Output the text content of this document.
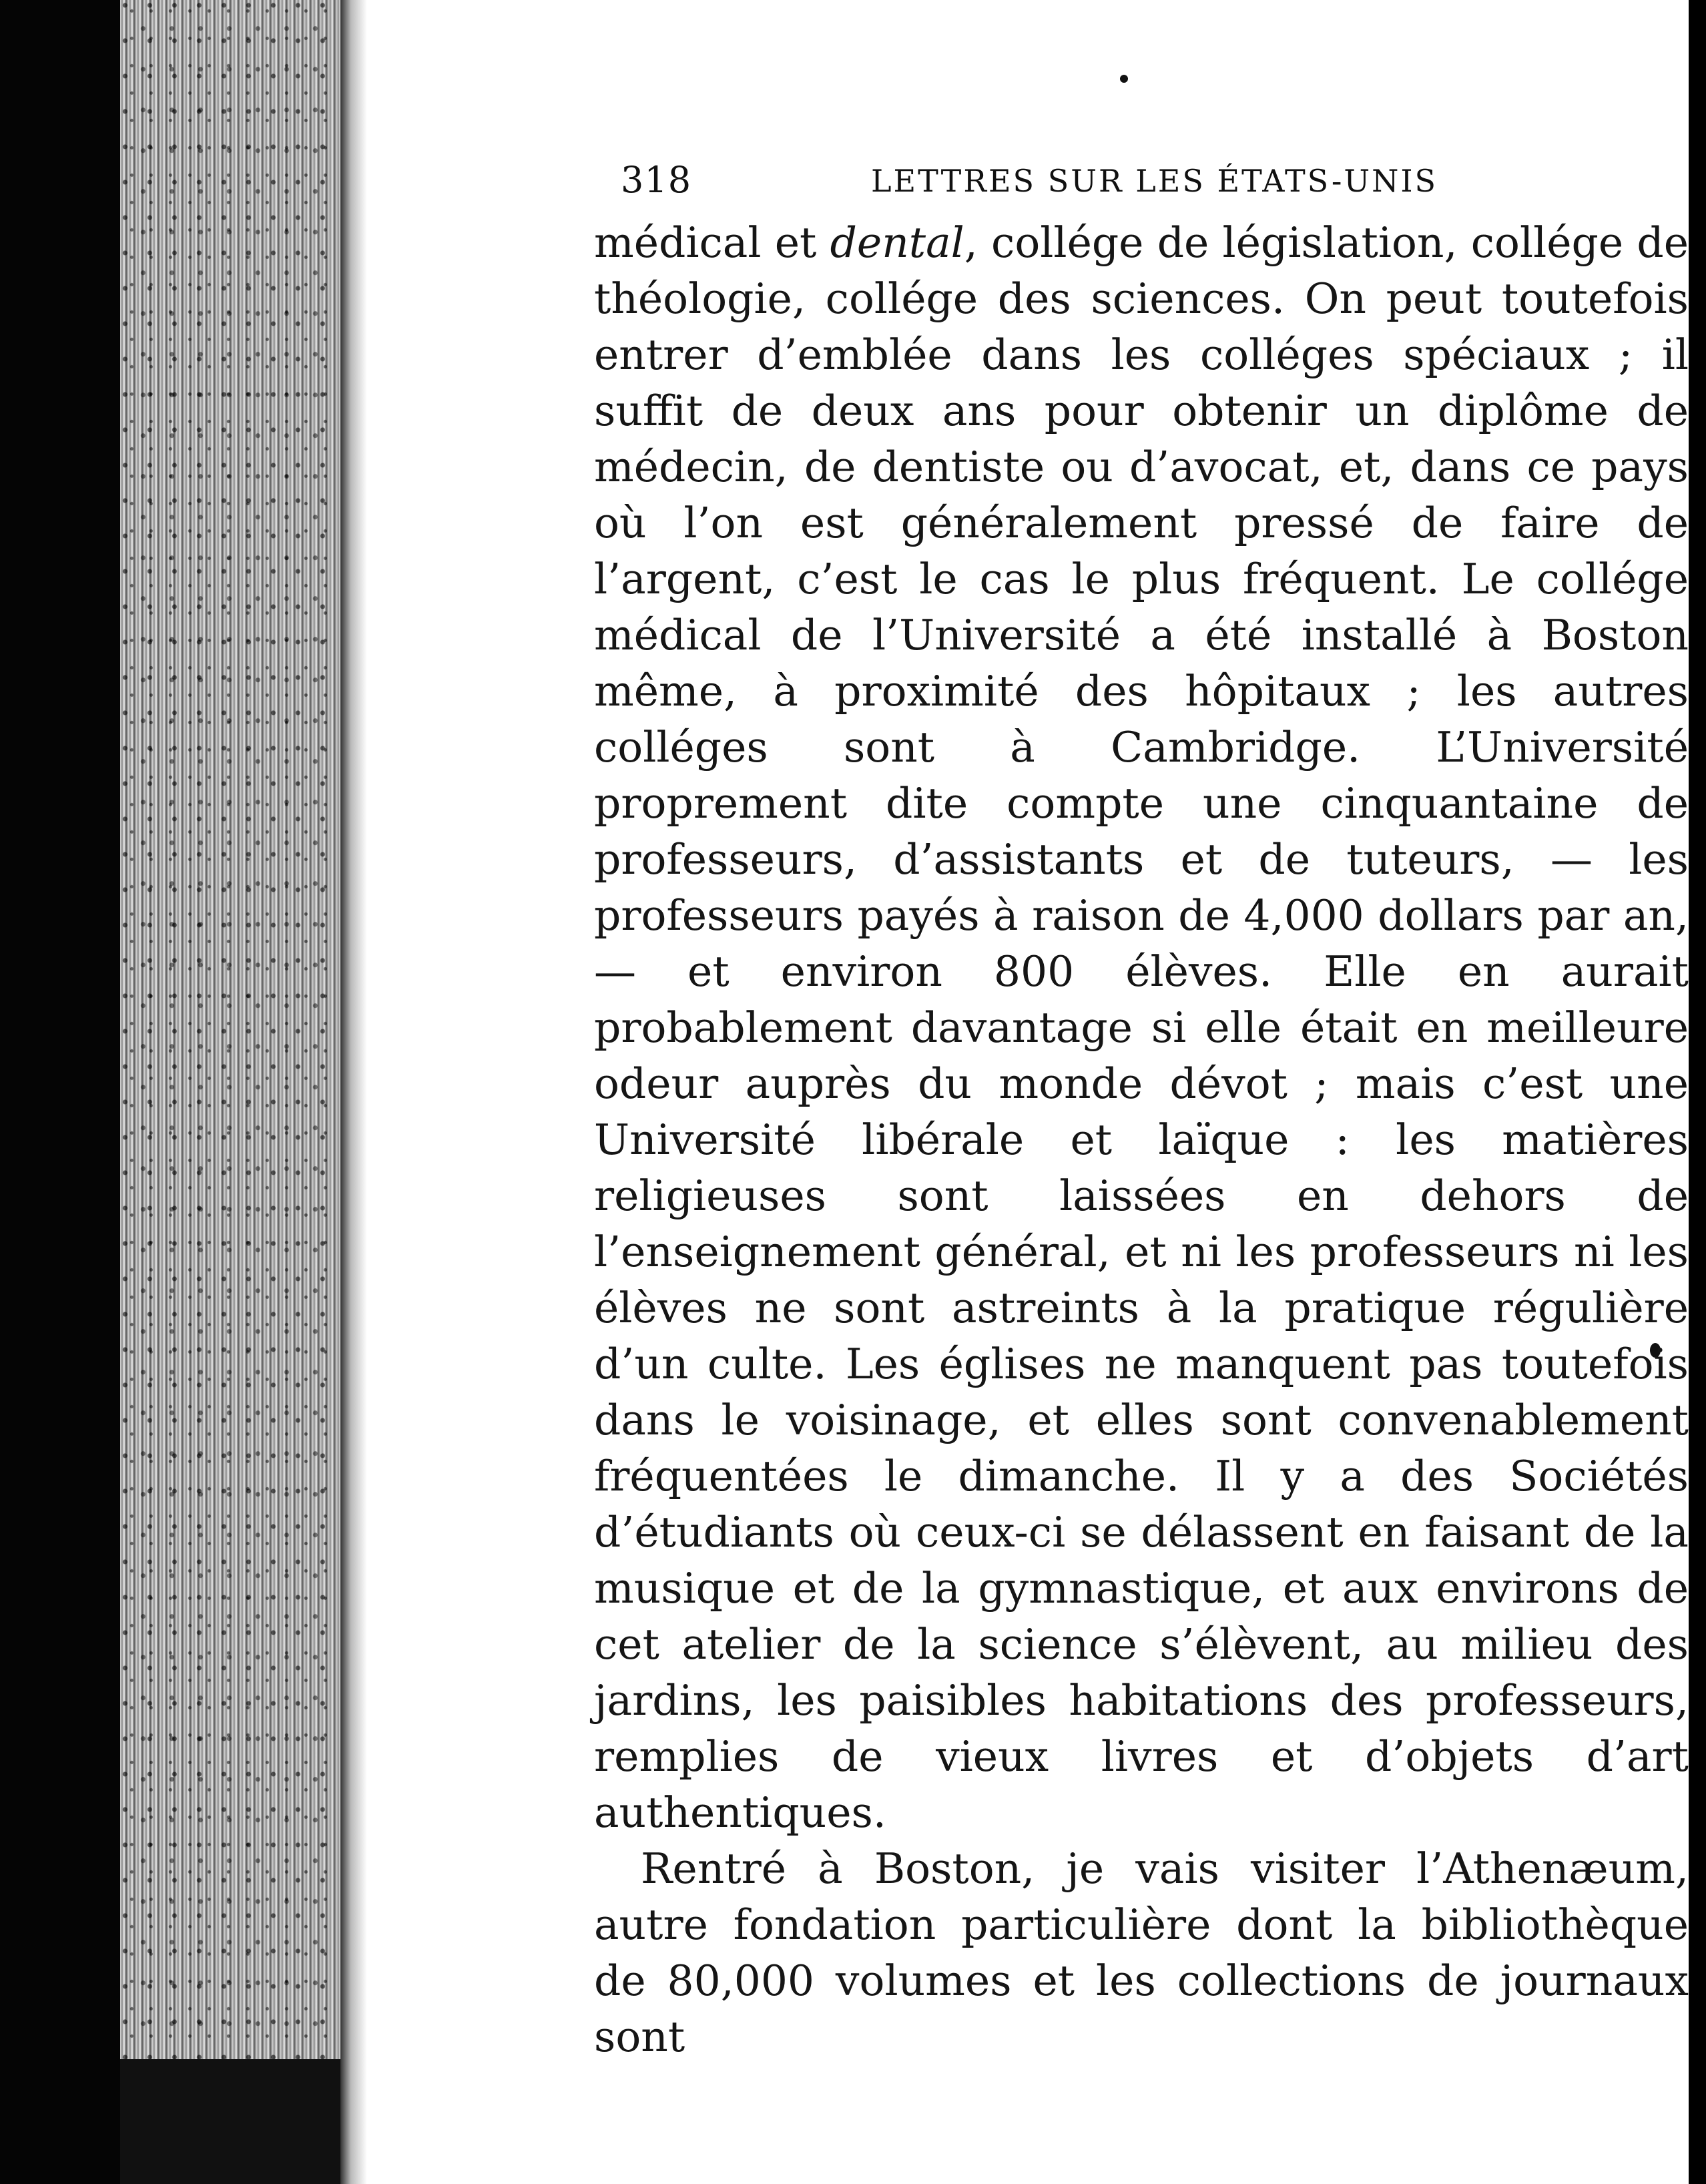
318	LETTRES SUR LES ÉTATS-UNIS

médical et dental, collége de législation, collége de théologie, collége des sciences. On peut toutefois entrer d’emblée dans les colléges spéciaux ; il suffit de deux ans pour obtenir un diplôme de médecin, de dentiste ou d’avocat, et, dans ce pays où l’on est généralement pressé de faire de l’argent, c’est le cas le plus fréquent. Le collége médical de l’Université a été installé à Boston même, à proximité des hôpitaux ; les autres colléges sont à Cambridge. L’Université proprement dite compte une cinquantaine de professeurs, d’assistants et de tuteurs, — les professeurs payés à raison de 4,000 dollars par an, — et environ 800 élèves. Elle en aurait probablement davantage si elle était en meilleure odeur auprès du monde dévot ; mais c’est une Université libérale et laïque : les matières religieuses sont laissées en dehors de l’enseignement général, et ni les professeurs ni les élèves ne sont astreints à la pratique régulière d’un culte. Les églises ne manquent pas toutefois dans le voisinage, et elles sont convenablement fréquentées le dimanche. Il y a des Sociétés d’étudiants où ceux-ci se délassent en faisant de la musique et de la gymnastique, et aux environs de cet atelier de la science s’élèvent, au milieu des jardins, les paisibles habitations des professeurs, remplies de vieux livres et d’objets d’art authentiques.

Rentré à Boston, je vais visiter l’Athenæum, autre fondation particulière dont la bibliothèque de 80,000 volumes et les collections de journaux sont
